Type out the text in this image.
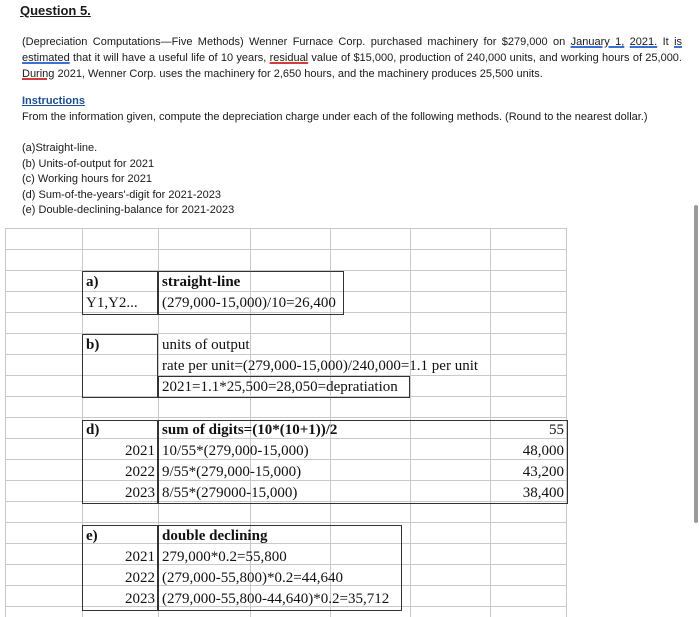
Question 5.
(Depreciation Computations—Five Methods) Wenner Furnace Corp. purchased machinery for $279,000 on January 1, 2021. It is estimated that it will have a useful life of 10 years, residual value of $15,000, production of 240,000 units, and working hours of 25,000. During 2021, Wenner Corp. uses the machinery for 2,650 hours, and the machinery produces 25,500 units.
Instructions
From the information given, compute the depreciation charge under each of the following methods. (Round to the nearest dollar.)
(a)Straight-line.
(b) Units-of-output for 2021
(c) Working hours for 2021
(d) Sum-of-the-years'-digit for 2021-2023
(e) Double-declining-balance for 2021-2023
a)	straight-line
Y1,Y2... (279,000-15,000)/10=26,400
b)	units of output
rate per unit=(279,000-15,000)/240,000=1.1 per unit
2021=1.1*25,500=28,050=depratiation
d)	sum of digits=(10*(10+1))/2	55
2021 10/55*(279,000-15,000)	48,000
2022 9/55*(279,000-15,000)	43,200
2023 8/55*(279000-15,000)	38,400
e)	double declining
2021 279,000*0.2=55,800
2022 (279,000-55,800)*0.2=44,640
2023 (279,000-55,800-44,640)*0.2=35,712
